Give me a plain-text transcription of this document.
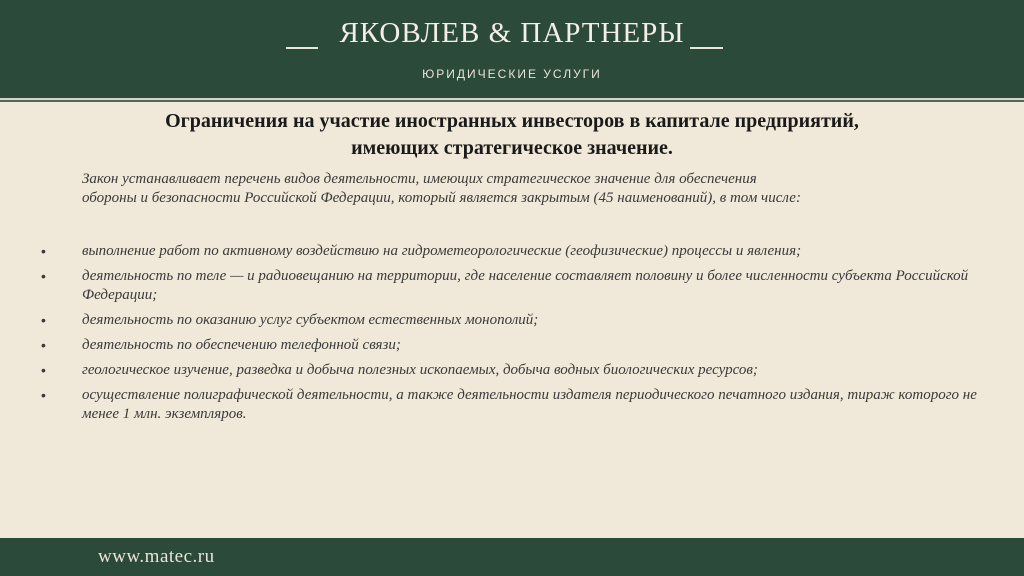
ЯКОВЛЕВ & ПАРТНЕРЫ
ЮРИДИЧЕСКИЕ УСЛУГИ
Ограничения на участие иностранных инвесторов в капитале предприятий,
имеющих стратегическое значение.
Закон устанавливает перечень видов деятельности, имеющих стратегическое значение для обеспечения
обороны и безопасности Российской Федерации, который является закрытым (45 наименований), в том числе:
• выполнение работ по активному воздействию на гидрометеорологические (геофизические) процессы и явления;
• деятельность по теле — и радиовещанию на территории, где население составляет половину и более численности субъекта Российской Федерации;
• деятельность по оказанию услуг субъектом естественных монополий;
• деятельность по обеспечению телефонной связи;
• геологическое изучение, разведка и добыча полезных ископаемых, добыча водных биологических ресурсов;
• осуществление полиграфической деятельности, а также деятельности издателя периодического печатного издания, тираж которого не менее 1 млн. экземпляров.
www.matec.ru
